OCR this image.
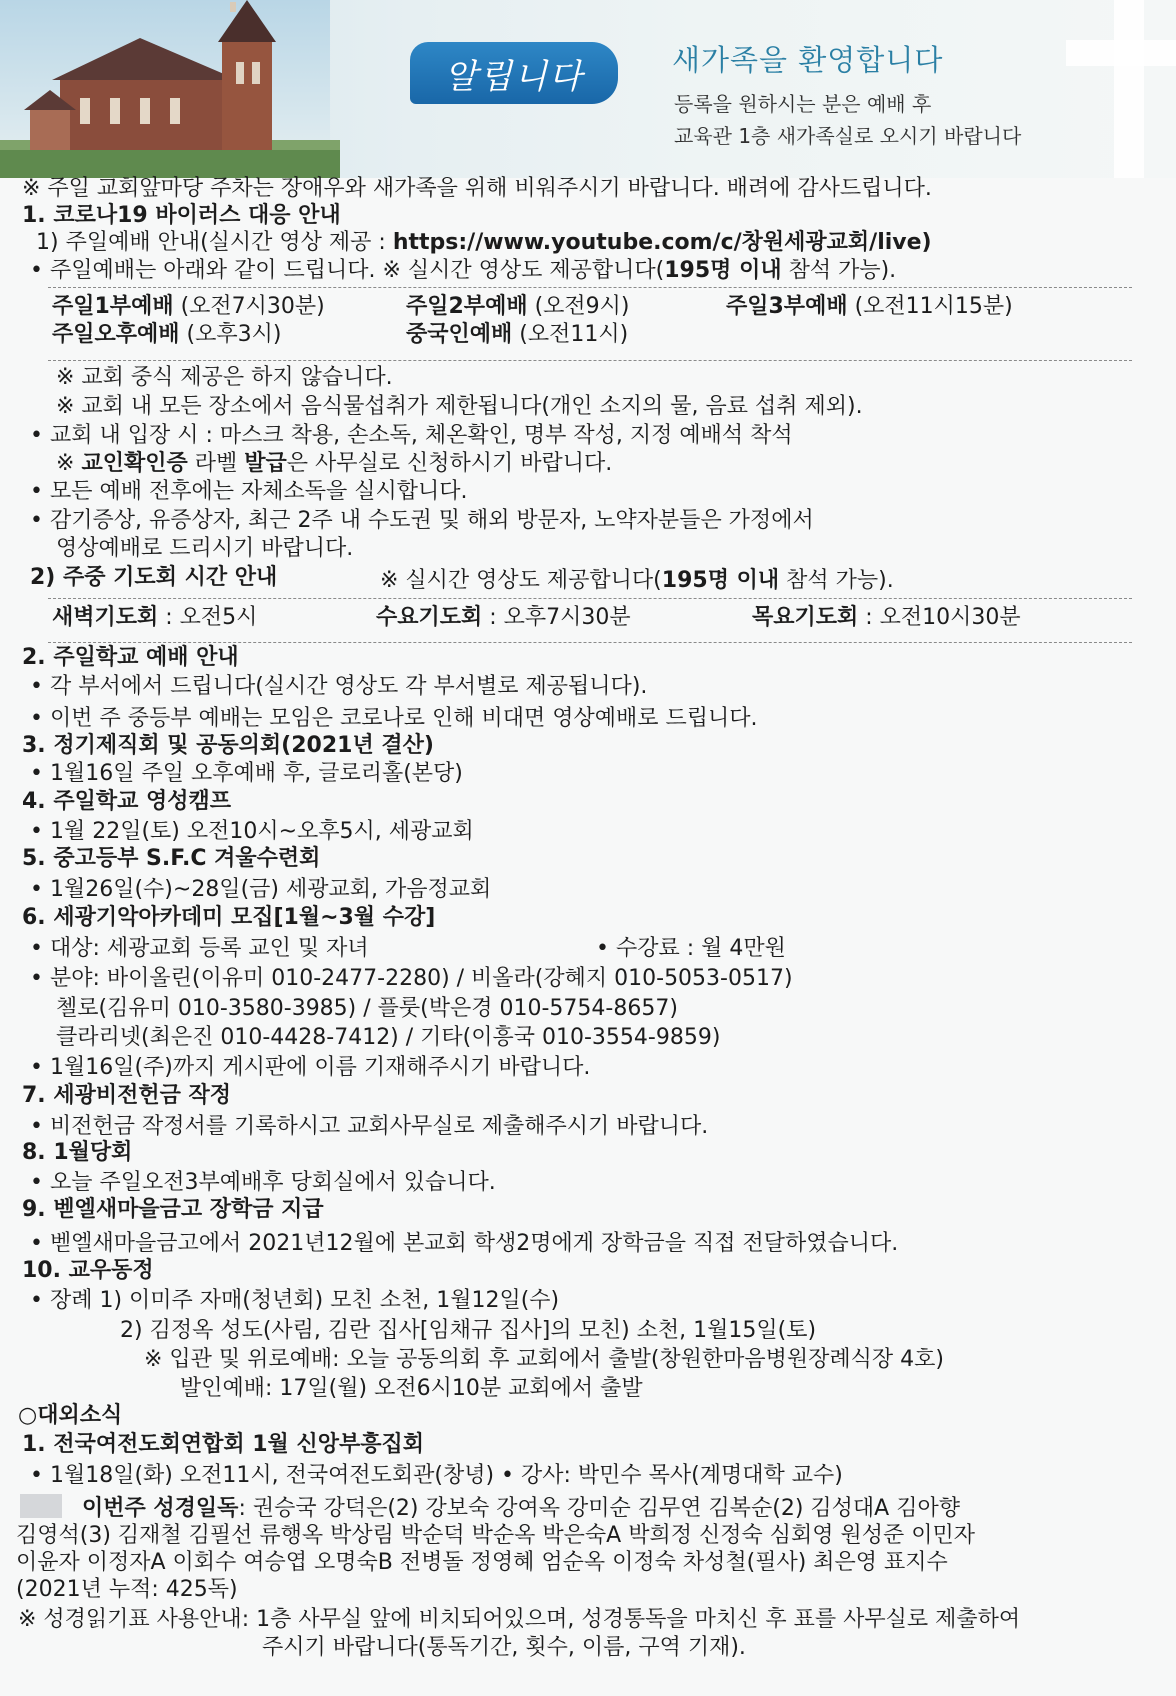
알립니다	새가족을 환영합니다
등록을 원하시는 분은 예배 후
교육관 1층 새가족실로 오시기 바랍니다
※ 주일 교회앞마당 주차는 장애우와 새가족을 위해 비워주시기 바랍니다. 배려에 감사드립니다.
1. 코로나19 바이러스 대응 안내
1) 주일예배 안내(실시간 영상 제공 : https://www.youtube.com/c/창원세광교회/live)
• 주일예배는 아래와 같이 드립니다. ※ 실시간 영상도 제공합니다(195명 이내 참석 가능).
주일1부예배 (오전7시30분)	주일2부예배 (오전9시)	주일3부예배 (오전11시15분)
주일오후예배 (오후3시)	중국인예배 (오전11시)
※ 교회 중식 제공은 하지 않습니다.
※ 교회 내 모든 장소에서 음식물섭취가 제한됩니다(개인 소지의 물, 음료 섭취 제외).
• 교회 내 입장 시 : 마스크 착용, 손소독, 체온확인, 명부 작성, 지정 예배석 착석
※ 교인확인증 라벨 발급은 사무실로 신청하시기 바랍니다.
• 모든 예배 전후에는 자체소독을 실시합니다.
• 감기증상, 유증상자, 최근 2주 내 수도권 및 해외 방문자, 노약자분들은 가정에서
영상예배로 드리시기 바랍니다.
2) 주중 기도회 시간 안내	※ 실시간 영상도 제공합니다(195명 이내 참석 가능).
새벽기도회 : 오전5시	수요기도회 : 오후7시30분	목요기도회 : 오전10시30분
2. 주일학교 예배 안내
• 각 부서에서 드립니다(실시간 영상도 각 부서별로 제공됩니다).
• 이번 주 중등부 예배는 모임은 코로나로 인해 비대면 영상예배로 드립니다.
3. 정기제직회 및 공동의회(2021년 결산)
• 1월16일 주일 오후예배 후, 글로리홀(본당)
4. 주일학교 영성캠프
• 1월 22일(토) 오전10시~오후5시, 세광교회
5. 중고등부 S.F.C 겨울수련회
• 1월26일(수)~28일(금) 세광교회, 가음정교회
6. 세광기악아카데미 모집[1월~3월 수강]
• 대상: 세광교회 등록 교인 및 자녀	• 수강료 : 월 4만원
• 분야: 바이올린(이유미 010-2477-2280) / 비올라(강혜지 010-5053-0517)
첼로(김유미 010-3580-3985) / 플룻(박은경 010-5754-8657)
클라리넷(최은진 010-4428-7412) / 기타(이흥국 010-3554-9859)
• 1월16일(주)까지 게시판에 이름 기재해주시기 바랍니다.
7. 세광비전헌금 작정
• 비전헌금 작정서를 기록하시고 교회사무실로 제출해주시기 바랍니다.
8. 1월당회
• 오늘 주일오전3부예배후 당회실에서 있습니다.
9. 벧엘새마을금고 장학금 지급
• 벧엘새마을금고에서 2021년12월에 본교회 학생2명에게 장학금을 직접 전달하였습니다.
10. 교우동정
• 장례 1) 이미주 자매(청년회) 모친 소천, 1월12일(수)
2) 김정옥 성도(사림, 김란 집사[임채규 집사]의 모친) 소천, 1월15일(토)
※ 입관 및 위로예배: 오늘 공동의회 후 교회에서 출발(창원한마음병원장례식장 4호)
발인예배: 17일(월) 오전6시10분 교회에서 출발
○대외소식
1. 전국여전도회연합회 1월 신앙부흥집회
• 1월18일(화) 오전11시, 전국여전도회관(창녕) • 강사: 박민수 목사(계명대학 교수)
이번주 성경일독: 권승국 강덕은(2) 강보숙 강여옥 강미순 김무연 김복순(2) 김성대A 김아향
김영석(3) 김재철 김필선 류행옥 박상림 박순덕 박순옥 박은숙A 박희정 신정숙 심회영 원성준 이민자
이윤자 이정자A 이회수 여승엽 오명숙B 전병돌 정영혜 엄순옥 이정숙 차성철(필사) 최은영 표지수
(2021년 누적: 425독)
※ 성경읽기표 사용안내: 1층 사무실 앞에 비치되어있으며, 성경통독을 마치신 후 표를 사무실로 제출하여
주시기 바랍니다(통독기간, 횟수, 이름, 구역 기재).
